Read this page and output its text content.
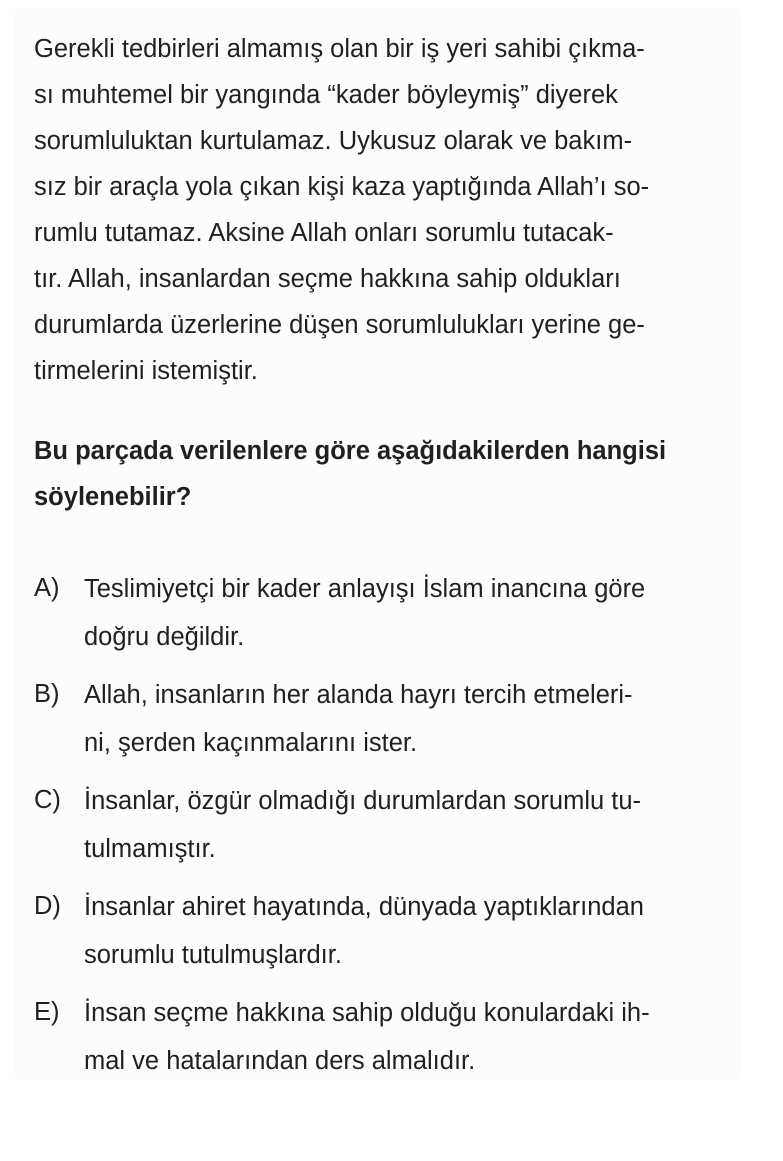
Gerekli tedbirleri almamış olan bir iş yeri sahibi çıkma-
sı muhtemel bir yangında “kader böyleymiş” diyerek
sorumluluktan kurtulamaz. Uykusuz olarak ve bakım-
sız bir araçla yola çıkan kişi kaza yaptığında Allah’ı so-
rumlu tutamaz. Aksine Allah onları sorumlu tutacak-
tır. Allah, insanlardan seçme hakkına sahip oldukları
durumlarda üzerlerine düşen sorumlulukları yerine ge-
tirmelerini istemiştir.
Bu parçada verilenlere göre aşağıdakilerden hangisi
söylenebilir?
A) Teslimiyetçi bir kader anlayışı İslam inancına göre
doğru değildir.
B) Allah, insanların her alanda hayrı tercih etmeleri-
ni, şerden kaçınmalarını ister.
C) İnsanlar, özgür olmadığı durumlardan sorumlu tu-
tulmamıştır.
D) İnsanlar ahiret hayatında, dünyada yaptıklarından
sorumlu tutulmuşlardır.
E) İnsan seçme hakkına sahip olduğu konulardaki ih-
mal ve hatalarından ders almalıdır.
